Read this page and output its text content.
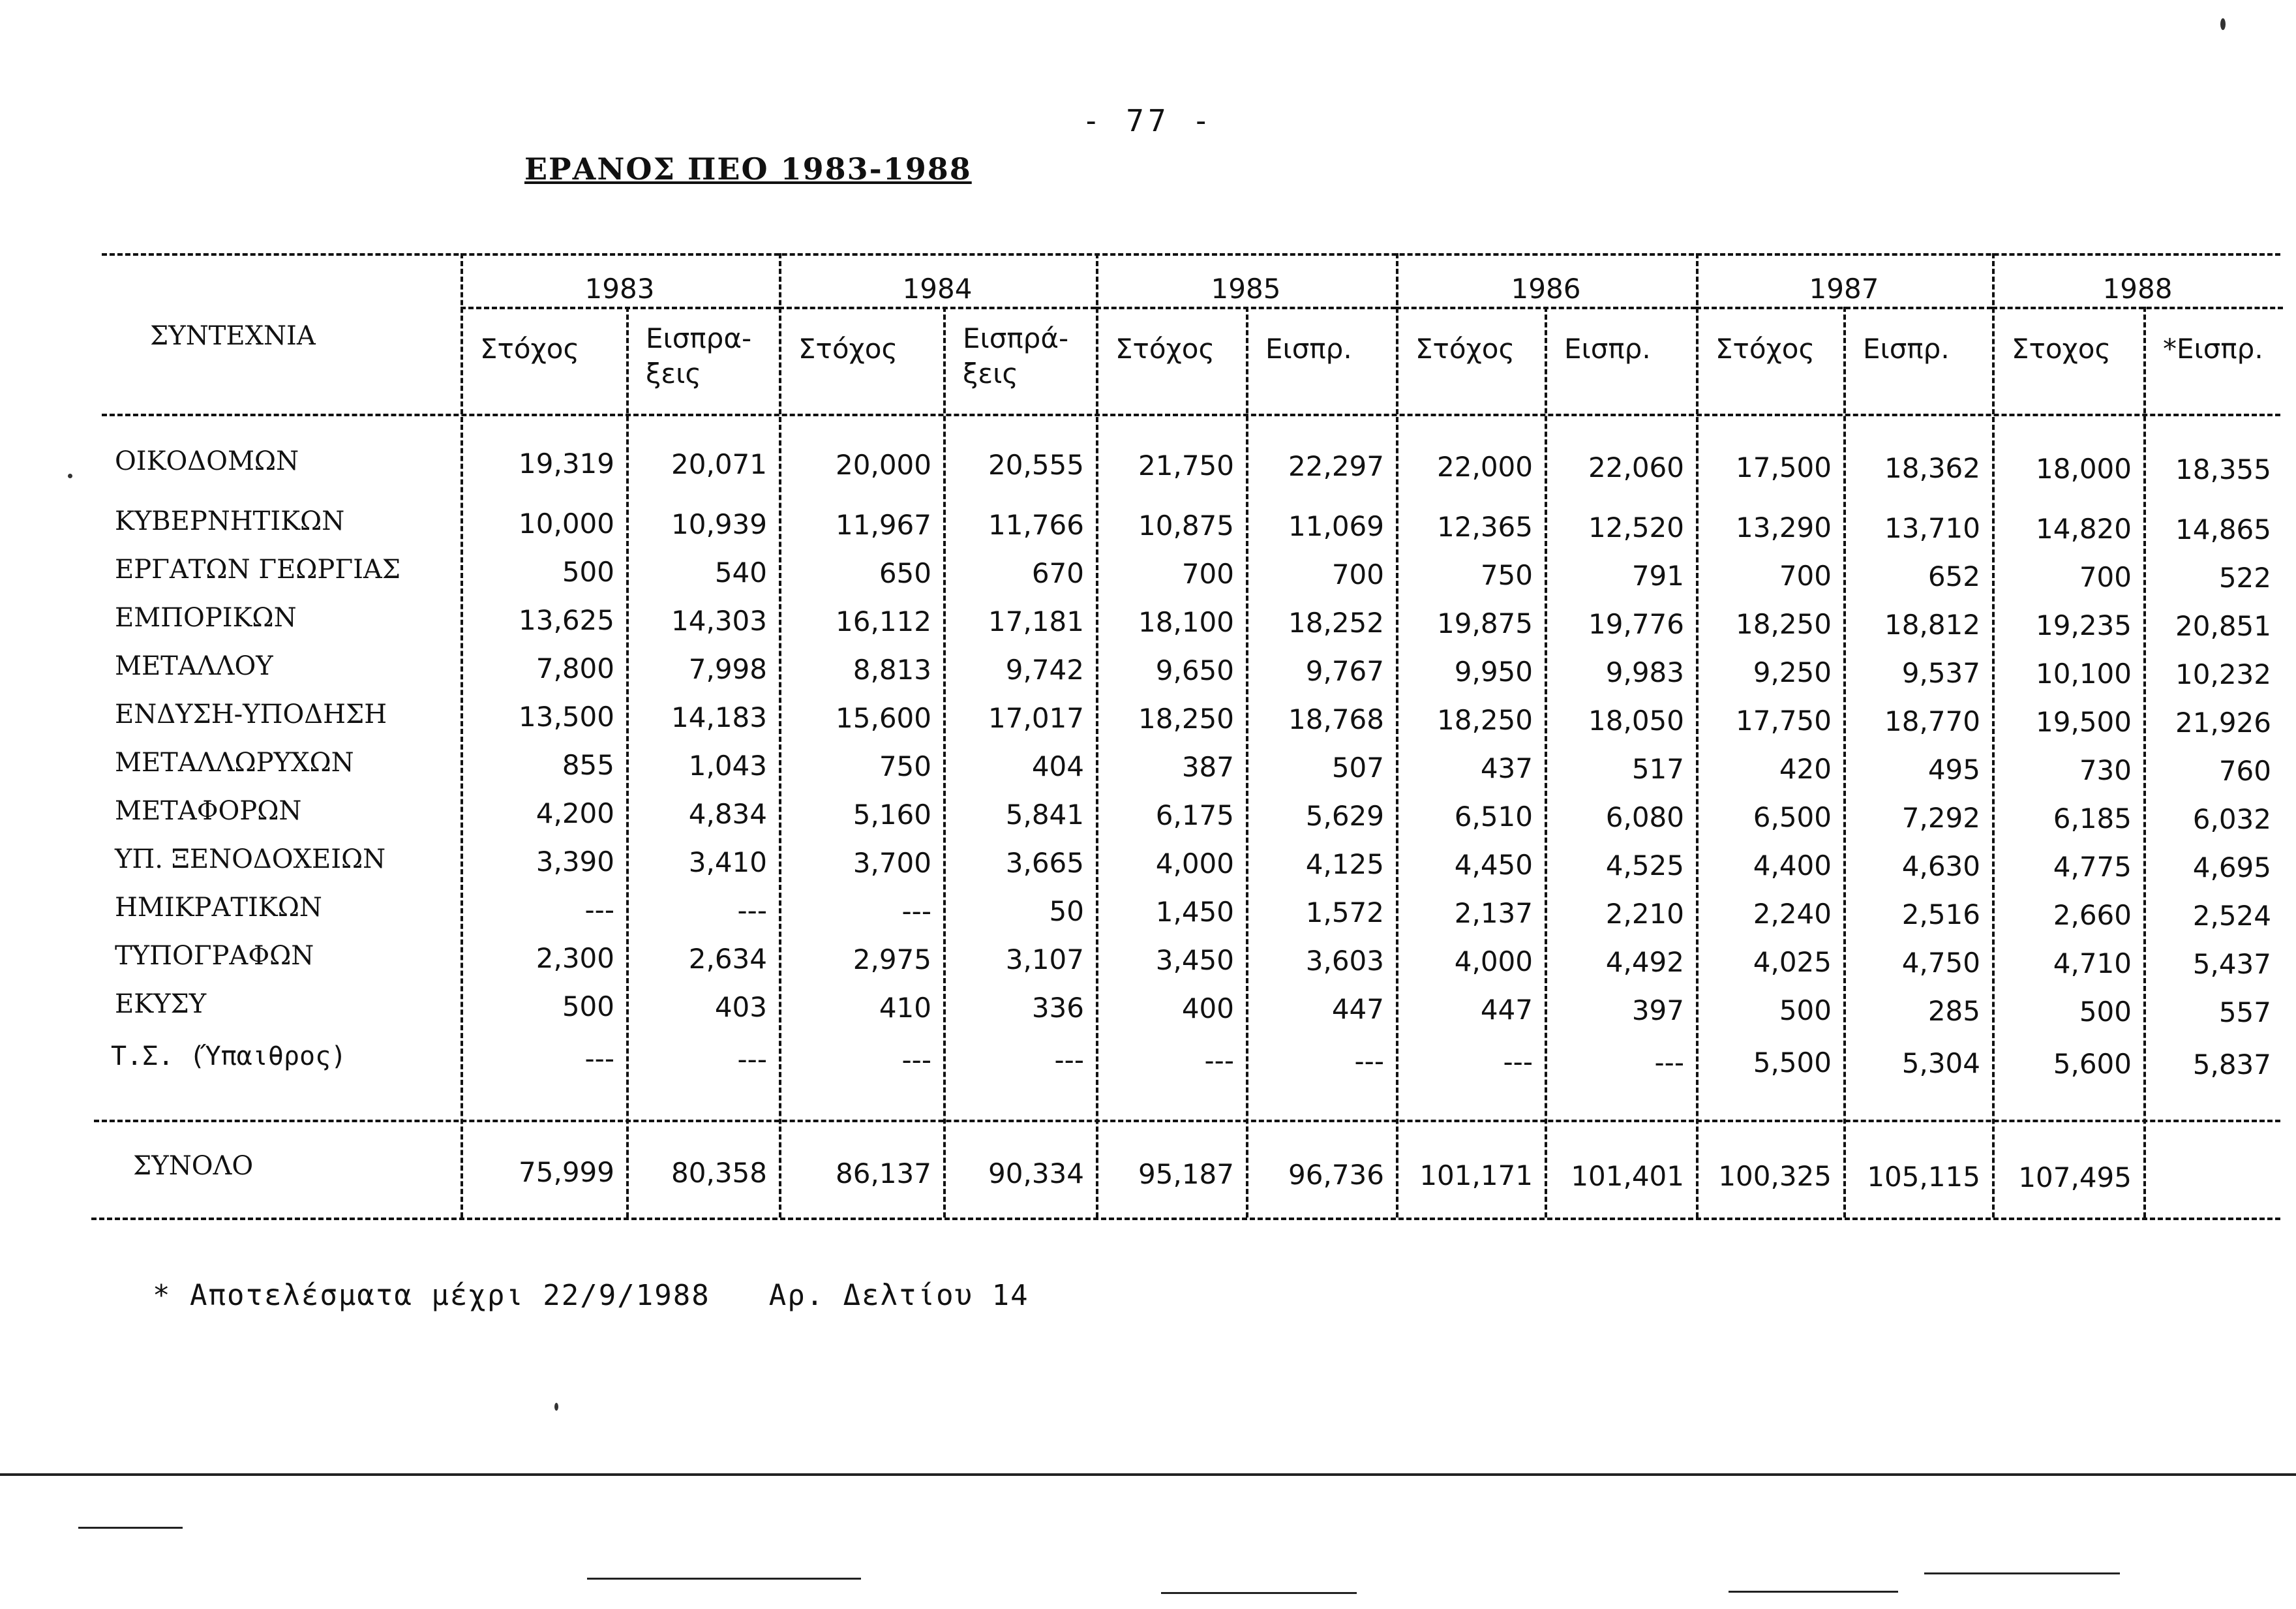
- 77 -
ΕΡΑΝΟΣ ΠΕΟ 1983-1988
ΣΥΝΤΕΧΝΙΑ
1983	1984	1985	1986	1987	1988
Στόχος	Εισπρα-
ξεις
Στόχος	Εισπρά-
ξεις
Στόχος	Εισπρ.	Στόχος	Εισπρ.	Στόχος	Εισπρ.	Στοχος	*Εισπρ.
ΟΙΚΟΔΟΜΩΝ	19,319	20,071	20,000	20,555	21,750	22,297	22,000	22,060	17,500	18,362	18,000	18,355
ΚΥΒΕΡΝΗΤΙΚΩΝ	10,000	10,939	11,967	11,766	10,875	11,069	12,365	12,520	13,290	13,710	14,820	14,865
ΕΡΓΑΤΩΝ ΓΕΩΡΓΙΑΣ	500	540	650	670	700	700	750	791	700	652	700	522
ΕΜΠΟΡΙΚΩΝ	13,625	14,303	16,112	17,181	18,100	18,252	19,875	19,776	18,250	18,812	19,235	20,851
ΜΕΤΑΛΛΟΥ	7,800	7,998	8,813	9,742	9,650	9,767	9,950	9,983	9,250	9,537	10,100	10,232
ΕΝΔΥΣΗ-ΥΠΟΔΗΣΗ	13,500	14,183	15,600	17,017	18,250	18,768	18,250	18,050	17,750	18,770	19,500	21,926
ΜΕΤΑΛΛΩΡΥΧΩΝ	855	1,043	750	404	387	507	437	517	420	495	730	760
ΜΕΤΑΦΟΡΩΝ	4,200	4,834	5,160	5,841	6,175	5,629	6,510	6,080	6,500	7,292	6,185	6,032
ΥΠ. ΞΕΝΟΔΟΧΕΙΩΝ	3,390	3,410	3,700	3,665	4,000	4,125	4,450	4,525	4,400	4,630	4,775	4,695
ΗΜΙΚΡΑΤΙΚΩΝ	---	---	---	50	1,450	1,572	2,137	2,210	2,240	2,516	2,660	2,524
ΤΥΠΟΓΡΑΦΩΝ	2,300	2,634	2,975	3,107	3,450	3,603	4,000	4,492	4,025	4,750	4,710	5,437
ΕΚΥΣΥ	500	403	410	336	400	447	447	397	500	285	500	557
Τ.Σ. (Ύπαιθρος)	---	---	---	---	---	---	---	---	5,500	5,304	5,600	5,837
ΣΥΝΟΛΟ	75,999	80,358	86,137	90,334	95,187	96,736	101,171	101,401	100,325	105,115	107,495
* Αποτελέσματα μέχρι 22/9/1988 Αρ. Δελτίου 14
